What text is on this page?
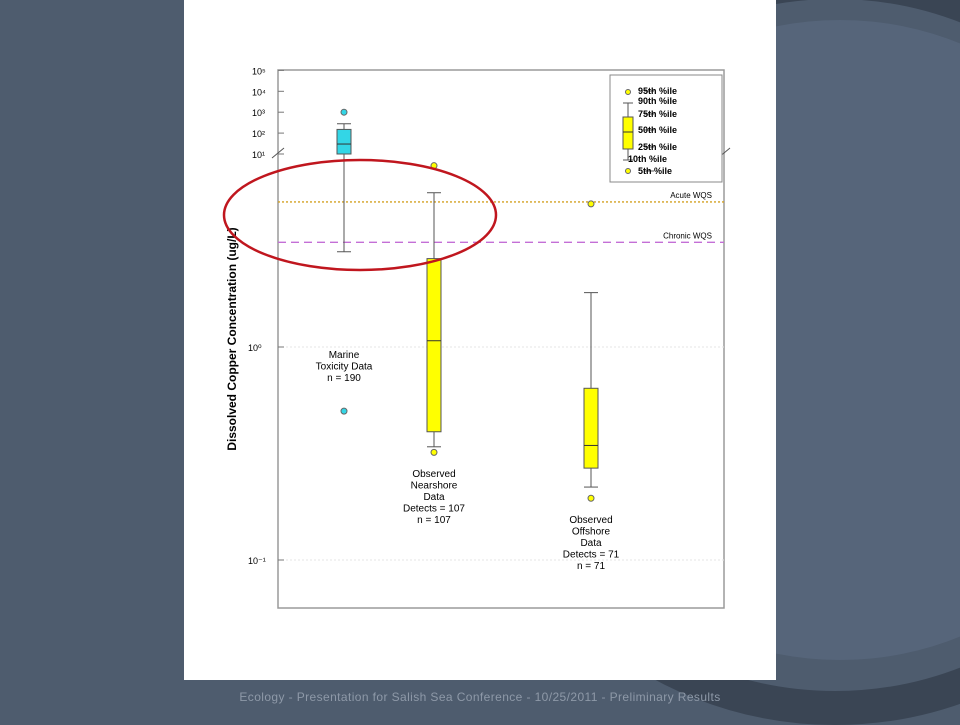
10¹
10²
10³
10⁴
10⁵
10⁻¹
10⁰
Dissolved Copper Concentration (ug/L)
Acute WQS
Chronic WQS
Marine
Toxicity Data
n = 190
Observed
Nearshore
Data
Detects = 107
n = 107	Observed
Offshore
Data
Detects = 71
n = 71
95th %ile
90th %ile
75th %ile
50th %ile
25th %ile
10th %ile
5th %ile
Ecology - Presentation for Salish Sea Conference - 10/25/2011 - Preliminary Results
